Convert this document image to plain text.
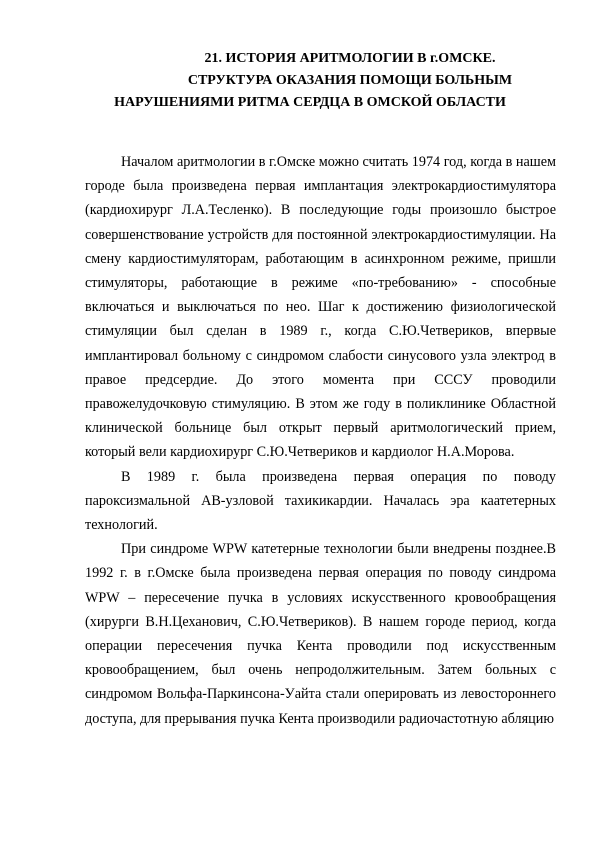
21. ИСТОРИЯ АРИТМОЛОГИИ В г.ОМСКЕ.
СТРУКТУРА ОКАЗАНИЯ ПОМОЩИ БОЛЬНЫМ
НАРУШЕНИЯМИ РИТМА СЕРДЦА В ОМСКОЙ ОБЛАСТИ

Началом аритмологии в г.Омске можно считать 1974 год, когда в нашем городе была произведена первая имплантация электрокардиостимулятора (кардиохирург Л.А.Тесленко). В последующие годы произошло быстрое совершенствование устройств для постоянной электрокардиостимуляции. На смену кардиостимуляторам, работающим в асинхронном режиме, пришли стимуляторы, работающие в режиме «по-требованию» - способные включаться и выключаться по нео. Шаг к достижению физиологической стимуляции был сделан в 1989 г., когда С.Ю.Четвериков, впервые имплантировал больному с синдромом слабости синусового узла электрод в правое предсердие. До этого момента при СССУ проводили правожелудочковую стимуляцию. В этом же году в поликлинике Областной клинической больнице был открыт первый аритмологический прием, который вели кардиохирург С.Ю.Четвериков и кардиолог Н.А.Морова.

В 1989 г. была произведена первая операция по поводу пароксизмальной АВ-узловой тахикикардии. Началась эра каатетерных технологий.

При синдроме WPW катетерные технологии были внедрены позднее.В 1992 г. в г.Омске была произведена первая операция по поводу синдрома WPW – пересечение пучка в условиях искусственного кровообращения (хирурги В.Н.Цеханович, С.Ю.Четвериков). В нашем городе период, когда операции пересечения пучка Кента проводили под искусственным кровообращением, был очень непродолжительным. Затем больных с синдромом Вольфа-Паркинсона-Уайта стали оперировать из левостороннего доступа, для прерывания пучка Кента производили радиочастотную абляцию
